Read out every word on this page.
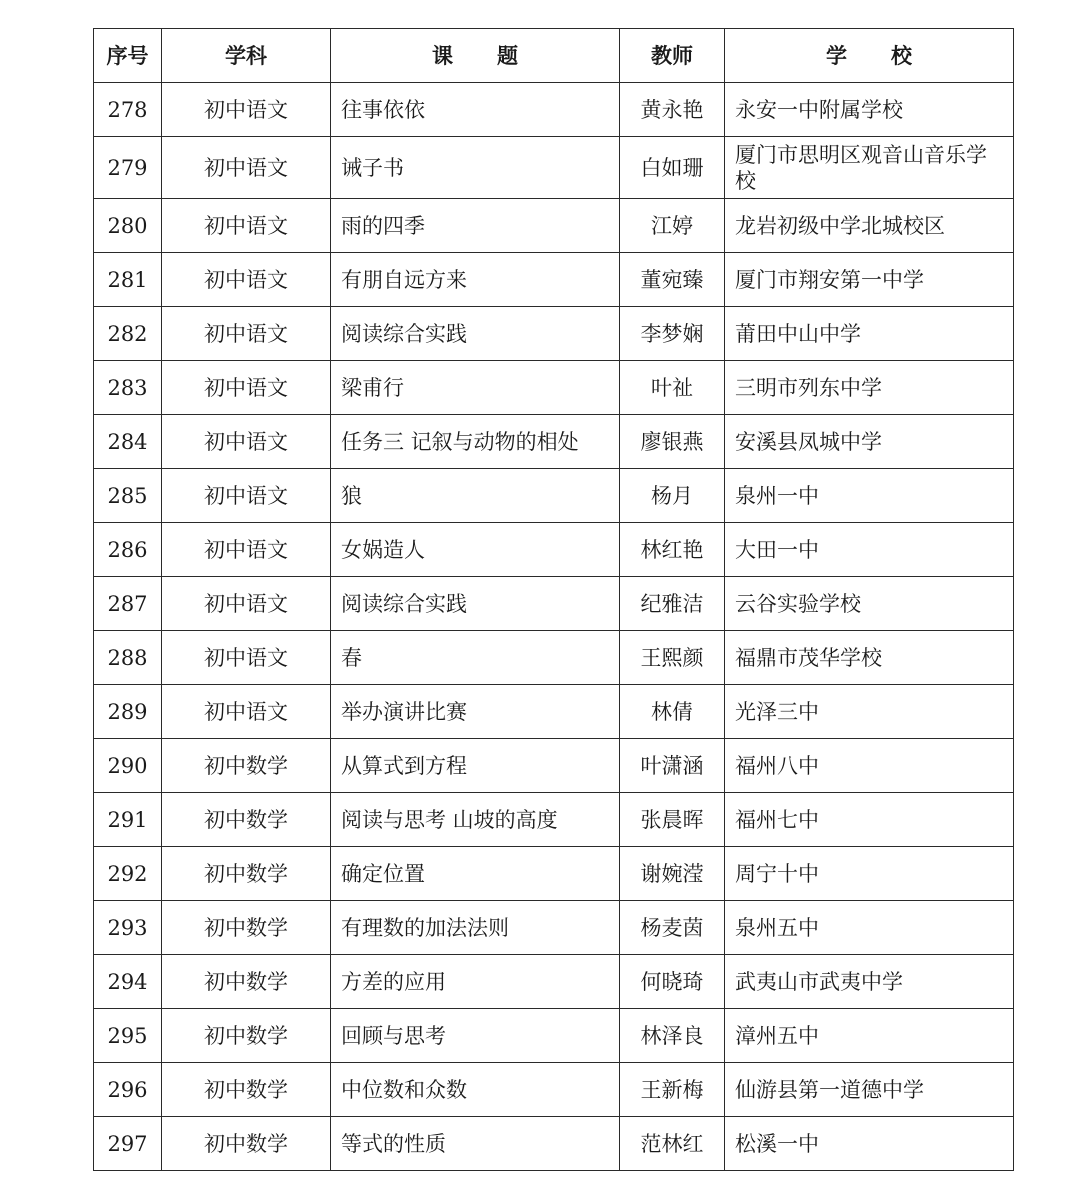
序号	学科	课题	教师	学校
278	初中语文	往事依依	黄永艳	永安一中附属学校
279	初中语文	诫子书	白如珊	厦门市思明区观音山音乐学校
280	初中语文	雨的四季	江婷	龙岩初级中学北城校区
281	初中语文	有朋自远方来	董宛臻	厦门市翔安第一中学
282	初中语文	阅读综合实践	李梦娴	莆田中山中学
283	初中语文	梁甫行	叶祉	三明市列东中学
284	初中语文	任务三 记叙与动物的相处	廖银燕	安溪县凤城中学
285	初中语文	狼	杨月	泉州一中
286	初中语文	女娲造人	林红艳	大田一中
287	初中语文	阅读综合实践	纪雅洁	云谷实验学校
288	初中语文	春	王熙颜	福鼎市茂华学校
289	初中语文	举办演讲比赛	林倩	光泽三中
290	初中数学	从算式到方程	叶潇涵	福州八中
291	初中数学	阅读与思考 山坡的高度	张晨晖	福州七中
292	初中数学	确定位置	谢婉滢	周宁十中
293	初中数学	有理数的加法法则	杨麦茵	泉州五中
294	初中数学	方差的应用	何晓琦	武夷山市武夷中学
295	初中数学	回顾与思考	林泽良	漳州五中
296	初中数学	中位数和众数	王新梅	仙游县第一道德中学
297	初中数学	等式的性质	范林红	松溪一中
